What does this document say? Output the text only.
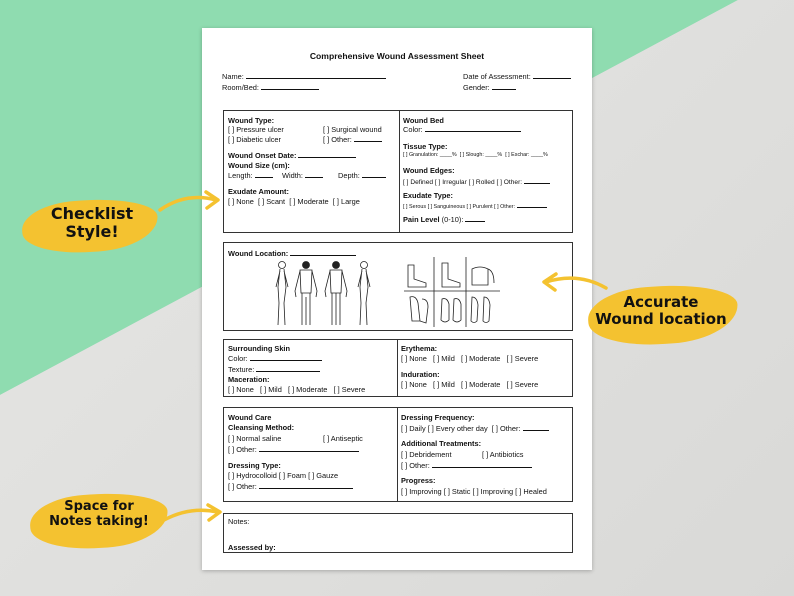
Comprehensive Wound Assessment Sheet
Name:
Room/Bed:
Date of Assessment:
Gender:
Wound Type:
[ ] Pressure ulcer	[ ] Surgical wound
[ ] Diabetic ulcer	[ ] Other:
Wound Onset Date:
Wound Size (cm):
Length:	Width:	Depth:
Exudate Amount:
[ ] None  [ ] Scant  [ ] Moderate  [ ] Large
Wound Bed
Color:
Tissue Type:
[ ] Granulation: ____%  [ ] Slough: ____%  [ ] Eschar: ____%
Wound Edges:
[ ] Defined [ ] Irregular [ ] Rolled [ ] Other:
Exudate Type:
[ ] Serous [ ] Sanguineous [ ] Purulent [ ] Other:
Pain Level (0-10):
Wound Location:
Surrounding Skin
Color:
Texture:
Maceration:
[ ] None   [ ] Mild   [ ] Moderate   [ ] Severe
Erythema:
[ ] None   [ ] Mild   [ ] Moderate   [ ] Severe
Induration:
[ ] None   [ ] Mild   [ ] Moderate   [ ] Severe
Wound Care
Cleansing Method:
[ ] Normal saline	[ ] Antiseptic
[ ] Other:
Dressing Type:
[ ] Hydrocolloid [ ] Foam [ ] Gauze
[ ] Other:
Dressing Frequency:
[ ] Daily [ ] Every other day  [ ] Other:
Additional Treatments:
[ ] Debridement	[ ] Antibiotics
[ ] Other:
Progress:
[ ] Improving [ ] Static [ ] Improving [ ] Healed
Notes:
Assessed by:
Checklist
Style!
Accurate
Wound location
Space for
Notes taking!
